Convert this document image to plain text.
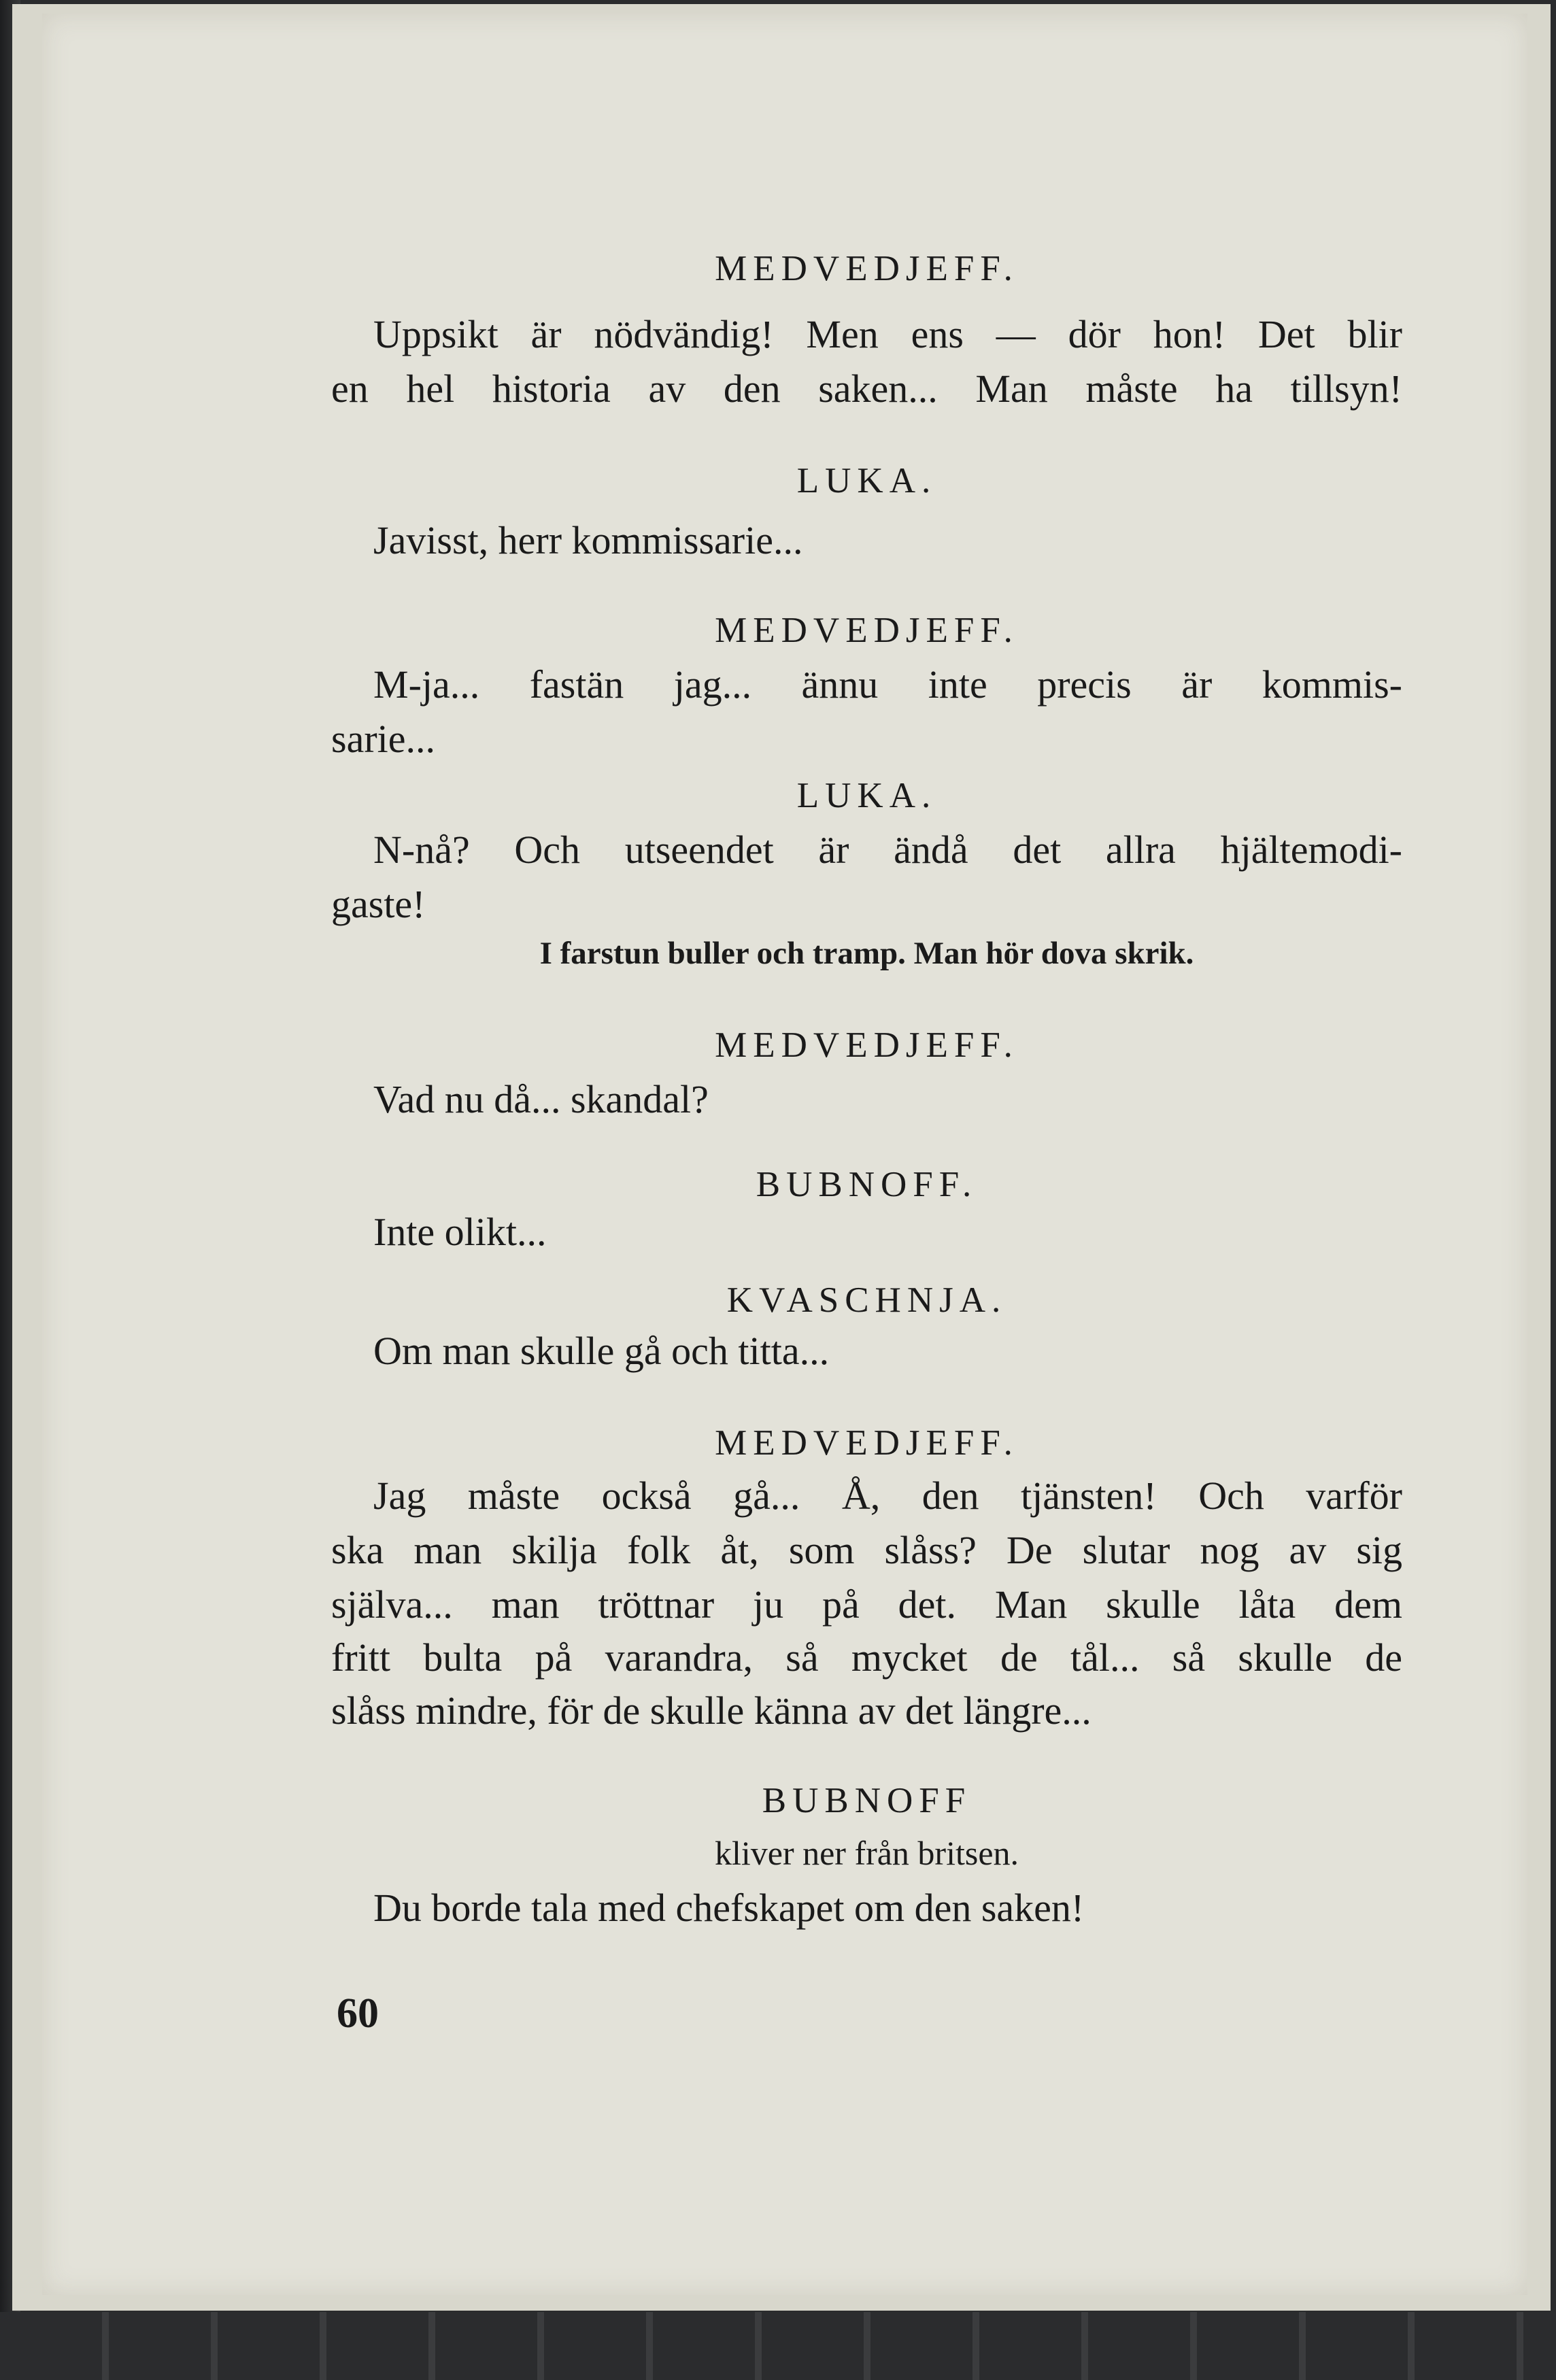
MEDVEDJEFF.
Uppsikt är nödvändig! Men ens — dör hon! Det blir
en hel historia av den saken... Man måste ha tillsyn!
LUKA.
Javisst, herr kommissarie...
MEDVEDJEFF.
M-ja... fastän jag... ännu inte precis är kommis-
sarie...
LUKA.
N-nå? Och utseendet är ändå det allra hjältemodi-
gaste!
I farstun buller och tramp. Man hör dova skrik.
MEDVEDJEFF.
Vad nu då... skandal?
BUBNOFF.
Inte olikt...
KVASCHNJA.
Om man skulle gå och titta...
MEDVEDJEFF.
Jag måste också gå... Å, den tjänsten! Och varför
ska man skilja folk åt, som slåss? De slutar nog av sig
själva... man tröttnar ju på det. Man skulle låta dem
fritt bulta på varandra, så mycket de tål... så skulle de
slåss mindre, för de skulle känna av det längre...
BUBNOFF
kliver ner från britsen.
Du borde tala med chefskapet om den saken!
60
